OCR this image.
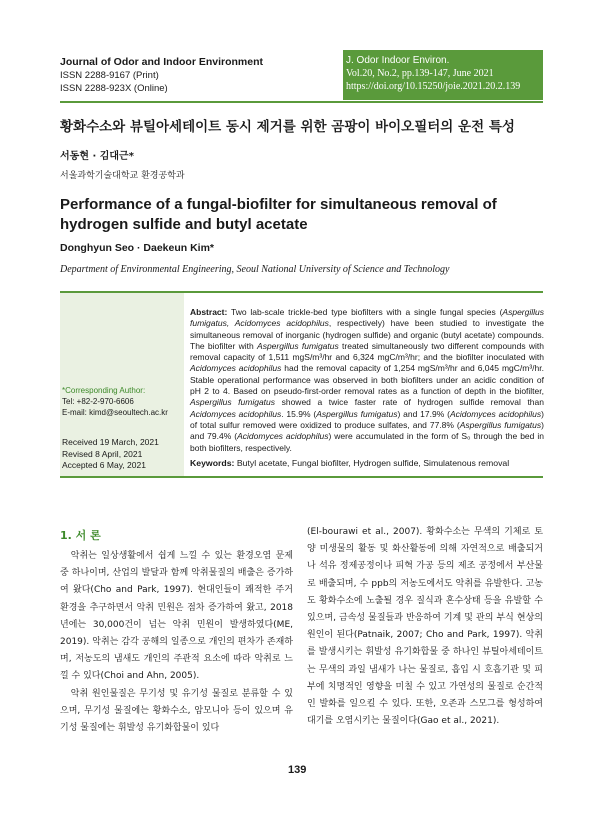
Journal of Odor and Indoor Environment
ISSN 2288-9167 (Print)
ISSN 2288-923X (Online)
J. Odor Indoor Environ.
Vol.20, No.2, pp.139-147, June 2021
https://doi.org/10.15250/joie.2021.20.2.139
황화수소와 뷰틸아세테이트 동시 제거를 위한 곰팡이 바이오필터의 운전 특성
서동현 · 김대근*
서울과학기술대학교 환경공학과
Performance of a fungal-biofilter for simultaneous removal of hydrogen sulfide and butyl acetate
Donghyun Seo · Daekeun Kim*
Department of Environmental Engineering, Seoul National University of Science and Technology
*Corresponding Author:
Tel: +82-2-970-6606
E-mail: kimd@seoultech.ac.kr
Received 19 March, 2021
Revised 8 April, 2021
Accepted 6 May, 2021
Abstract: Two lab-scale trickle-bed type biofilters with a single fungal species (Aspergillus fumigatus, Acidomyces acidophilus, respectively) have been studied to investigate the simultaneous removal of inorganic (hydrogen sulfide) and organic (butyl acetate) compounds. The biofilter with Aspergillus fumigatus treated simultaneously two different compounds with removal capacity of 1,511 mgS/m³/hr and 6,324 mgC/m³/hr; and the biofilter inoculated with Acidomyces acidophilus had the removal capacity of 1,254 mgS/m³/hr and 6,045 mgC/m³/hr. Stable operational performance was observed in both biofilters under an acidic condition of pH 2 to 4. Based on pseudo-first-order removal rates as a function of depth in the biofilter, Aspergillus fumigatus showed a twice faster rate of hydrogen sulfide removal than Acidomyces acidophilus. 15.9% (Aspergillus fumigatus) and 17.9% (Acidomyces acidophilus) of total sulfur removed were oxidized to produce sulfates, and 77.8% (Aspergillus fumigatus) and 79.4% (Acidomyces acidophilus) were accumulated in the form of S₀ through the bed in both biofilters, respectively.
Keywords: Butyl acetate, Fungal biofilter, Hydrogen sulfide, Simulatenous removal
1. 서 론

악취는 일상생활에서 쉽게 느낄 수 있는 환경오염 문제 중 하나이며, 산업의 발달과 함께 악취물질의 배출은 증가하여 왔다(Cho and Park, 1997). 현대인들이 쾌적한 주거 환경을 추구하면서 악취 민원은 점차 증가하여 왔고, 2018년에는 30,000건이 넘는 악취 민원이 발생하였다(ME, 2019). 악취는 감각 공해의 일종으로 개인의 편차가 존재하며, 저농도의 냄새도 개인의 주관적 요소에 따라 악취로 느낄 수 있다(Choi and Ahn, 2005).

악취 원인물질은 무기성 및 유기성 물질로 분류할 수 있으며, 무기성 물질에는 황화수소, 암모니아 등이 있으며 유기성 물질에는 휘발성 유기화합물이 있다

(El-bourawi et al., 2007). 황화수소는 무색의 기체로 토양 미생물의 활동 및 화산활동에 의해 자연적으로 배출되거나 석유 정제공정이나 피혁 가공 등의 제조 공정에서 부산물로 배출되며, 수 ppb의 저농도에서도 악취를 유발한다. 고농도 황화수소에 노출될 경우 질식과 혼수상태 등을 유발할 수 있으며, 금속성 물질들과 반응하여 기계 및 관의 부식 현상의 원인이 된다(Patnaik, 2007; Cho and Park, 1997). 악취를 발생시키는 휘발성 유기화합물 중 하나인 뷰틸아세테이트는 무색의 과일 냄새가 나는 물질로, 흡입 시 호흡기관 및 피부에 치명적인 영향을 미칠 수 있고 가연성의 물질로 순간적인 발화를 일으킬 수 있다. 또한, 오존과 스모그를 형성하여 대기를 오염시키는 물질이다(Gao et al., 2021).

139
